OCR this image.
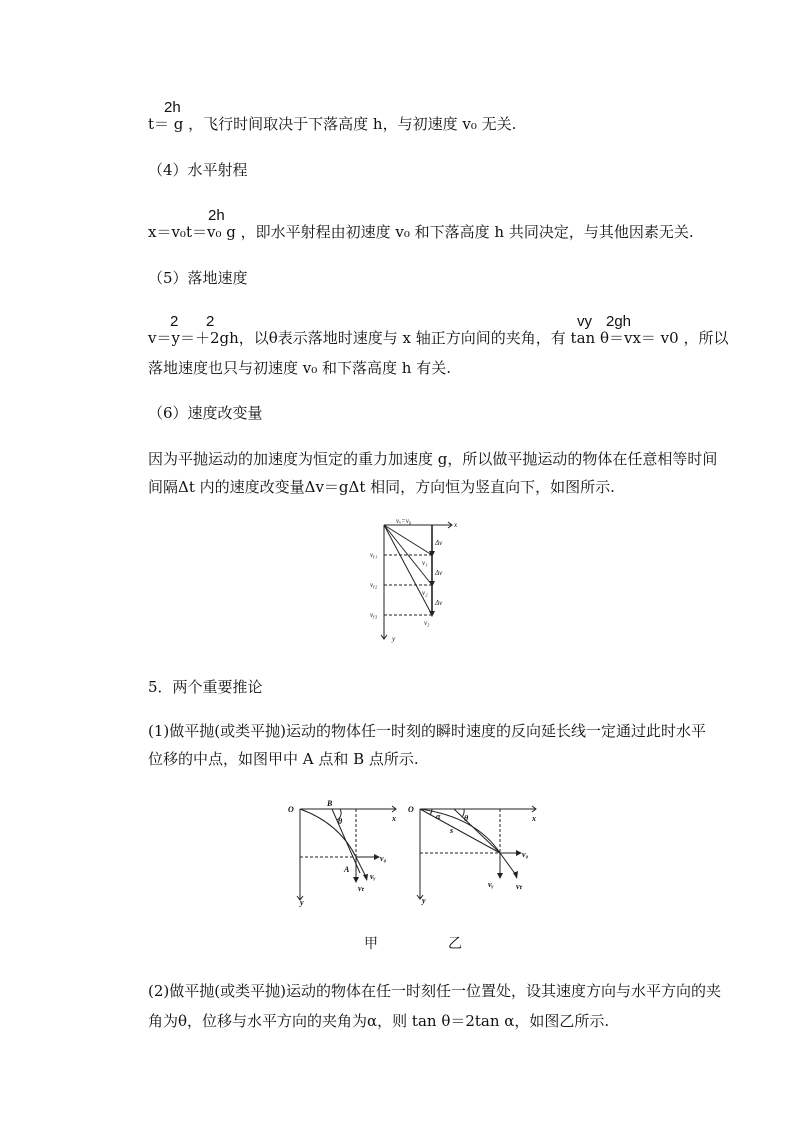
2h
t＝ g ，飞行时间取决于下落高度 h，与初速度 v₀ 无关.
（4）水平射程
2h
x＝v₀t＝v₀ g ，即水平射程由初速度 v₀ 和下落高度 h 共同决定，与其他因素无关.
（5）落地速度
2 2	vy 2gh
v＝y＝＋2gh，以θ表示落地时速度与 x 轴正方向间的夹角，有 tan θ＝vx＝ v0 ，所以
落地速度也只与初速度 v₀ 和下落高度 h 有关.
（6）速度改变量
因为平抛运动的加速度为恒定的重力加速度 g，所以做平抛运动的物体在任意相等时间
间隔Δt 内的速度改变量Δv＝gΔt 相同，方向恒为竖直向下，如图所示.
vₓ=v₀	x
y
Δv
Δv
Δv
vᵧ₁
vᵧ₂
vᵧ₃
v₁
v₂
v₃
5．两个重要推论
(1)做平抛(或类平抛)运动的物体任一时刻的瞬时速度的反向延长线一定通过此时水平
位移的中点，如图甲中 A 点和 B 点所示.
O
B
θ	x
y
A
v₀
vᵧ
vₜ
O
α	θ
s
x
y
v₀
vᵧ	vₜ
甲	乙
(2)做平抛(或类平抛)运动的物体在任一时刻任一位置处，设其速度方向与水平方向的夹
角为θ，位移与水平方向的夹角为α，则 tan θ＝2tan α，如图乙所示.
